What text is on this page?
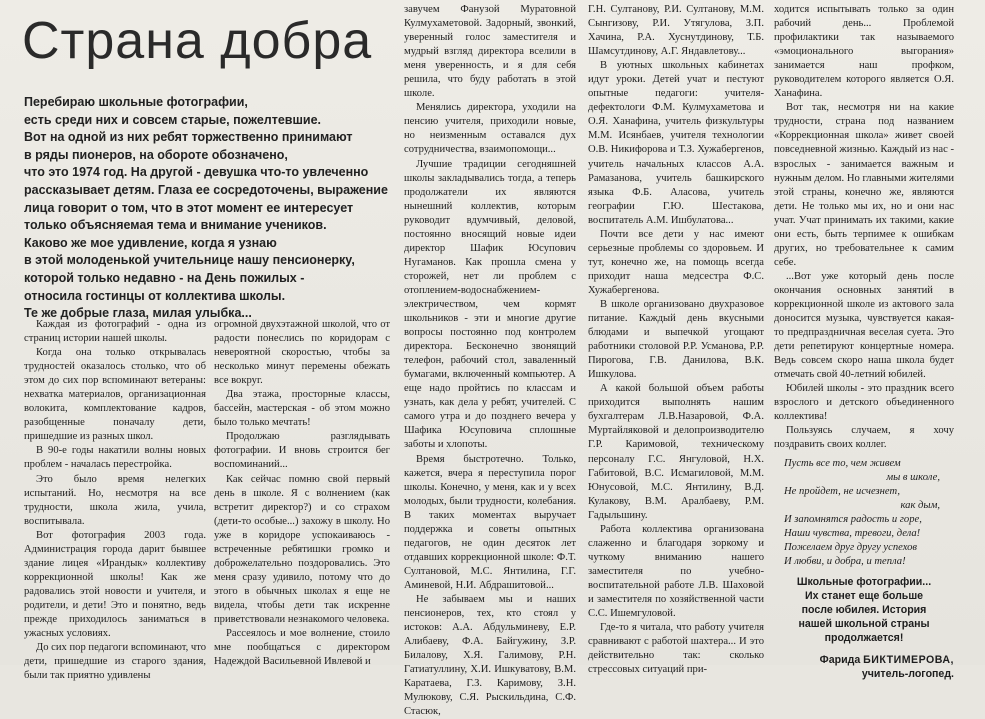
Страна добра

Перебираю школьные фотографии,

есть среди них и совсем старые, пожелтевшие.

Вот на одной из них ребят торжественно принимают

в ряды пионеров, на обороте обозначено,

что это 1974 год. На другой - девушка что-то увлеченно

рассказывает детям. Глаза ее сосредоточены, выражение

лица говорит о том, что в этот момент ее интересует

только объясняемая тема и внимание учеников.

Каково же мое удивление, когда я узнаю

в этой молоденькой учительнице нашу пенсионерку,

которой только недавно - на День пожилых -

относила гостинцы от коллектива школы.

Те же добрые глаза, милая улыбка...

Каждая из фотографий - одна из страниц истории нашей школы.

Когда она только открывалась трудностей оказалось столько, что об этом до сих пор вспоминают ветераны: нехватка материалов, организационная волокита, комплектование кадров, разобщенные поначалу дети, пришедшие из разных школ.

В 90-е годы накатили волны новых проблем - началась перестройка.

Это было время нелегких испытаний. Но, несмотря на все трудности, школа жила, учила, воспитывала.

Вот фотография 2003 года. Администрация города дарит бывшее здание лицея «Ирандык» коллективу коррекционной школы! Как же радовались этой новости и учителя, и родители, и дети! Это и понятно, ведь прежде приходилось заниматься в ужасных условиях.

До сих пор педагоги вспоминают, что дети, пришедшие из старого здания, были так приятно удивлены

огромной двухэтажной школой, что от радости понеслись по коридорам с невероятной скоростью, чтобы за несколько минут перемены обежать все вокруг.

Два этажа, просторные классы, бассейн, мастерская - об этом можно было только мечтать!

Продолжаю разглядывать фотографии. И вновь строится бег воспоминаний...

Как сейчас помню свой первый день в школе. Я с волнением (как встретит директор?) и со страхом (дети-то особые...) захожу в школу. Но уже в коридоре успокаиваюсь - встреченные ребятишки громко и доброжелательно поздоровались. Это меня сразу удивило, потому что до этого в обычных школах я еще не видела, чтобы дети так искренне приветствовали незнакомого человека.

Рассеялось и мое волнение, стоило мне пообщаться с директором Надеждой Васильевной Ивлевой и

завучем Фанузой Муратовной Кулмухаметовой. Задорный, звонкий, уверенный голос заместителя и мудрый взгляд директора вселили в меня уверенность, и я для себя решила, что буду работать в этой школе.

Менялись директора, уходили на пенсию учителя, приходили новые, но неизменным оставался дух сотрудничества, взаимопомощи...

Лучшие традиции сегодняшней школы закладывались тогда, а теперь продолжатели их являются нынешний коллектив, которым руководит вдумчивый, деловой, постоянно вносящий новые идеи директор Шафик Юсупович Нугаманов. Как прошла смена у сторожей, нет ли проблем с отоплением-водоснабжением-электричеством, чем кормят школьников - эти и многие другие вопросы постоянно под контролем директора. Бесконечно звонящий телефон, рабочий стол, заваленный бумагами, включенный компьютер. А еще надо пройтись по классам и узнать, как дела у ребят, учителей. С самого утра и до позднего вечера у Шафика Юсуповича сплошные заботы и хлопоты.

Время быстротечно. Только, кажется, вчера я переступила порог школы. Конечно, у меня, как и у всех молодых, были трудности, колебания. В таких моментах выручает поддержка и советы опытных педагогов, не один десяток лет отдавших коррекционной школе: Ф.Т. Султановой, М.С. Янтилина, Г.Г. Аминевой, Н.И. Абдрашитовой...

Не забываем мы и наших пенсионеров, тех, кто стоял у истоков: А.А. Абдульминеву, Е.Р. Алибаеву, Ф.А. Байгужину, З.Р. Билалову, Х.Я. Галимову, Р.Н. Гатиатуллину, Х.И. Ишкуватову, В.М. Каратаева, Г.З. Каримову, З.Н. Мулюкову, С.Я. Рыскильдина, С.Ф. Стасюк,

Г.Н. Султанову, Р.И. Султанову, М.М. Сынгизову, Р.И. Утягулова, З.П. Хачина, Р.А. Хуснутдинову, Т.Б. Шамсутдинову, А.Г. Яндавлетову...

В уютных школьных кабинетах идут уроки. Детей учат и пестуют опытные педагоги: учителя-дефектологи Ф.М. Кулмухаметова и О.Я. Ханафина, учитель физкультуры М.М. Исянбаев, учителя технологии О.В. Никифорова и Т.З. Хужабергенов, учитель начальных классов А.А. Рамазанова, учитель башкирского языка Ф.Б. Аласова, учитель географии Г.Ю. Шестакова, воспитатель А.М. Ишбулатова...

Почти все дети у нас имеют серьезные проблемы со здоровьем. И тут, конечно же, на помощь всегда приходит наша медсестра Ф.С. Хужабергенова.

В школе организовано двухразовое питание. Каждый день вкусными блюдами и выпечкой угощают работники столовой Р.Р. Усманова, Р.Р. Пирогова, Г.В. Данилова, В.К. Ишкулова.

А какой большой объем работы приходится выполнять нашим бухгалтерам Л.В.Назаровой, Ф.А. Муртайляковой и делопроизводителю Г.Р. Каримовой, техническому персоналу Г.С. Янгуловой, Н.Х. Габитовой, В.С. Исмагиловой, М.М. Юнусовой, М.С. Янтилину, В.Д. Кулакову, В.М. Аралбаеву, Р.М. Гадыльшину.

Работа коллектива организована слаженно и благодаря зоркому и чуткому вниманию нашего заместителя по учебно-воспитательной работе Л.В. Шаховой и заместителя по хозяйственной части С.С. Ишемгуловой.

Где-то я читала, что работу учителя сравнивают с работой шахтера... И это действительно так: сколько стрессовых ситуаций при-

ходится испытывать только за один рабочий день... Проблемой профилактики так называемого «эмоционального выгорания» занимается наш профком, руководителем которого является О.Я. Ханафина.

Вот так, несмотря ни на какие трудности, страна под названием «Коррекционная школа» живет своей повседневной жизнью. Каждый из нас - взрослых - занимается важным и нужным делом. Но главными жителями этой страны, конечно же, являются дети. Не только мы их, но и они нас учат. Учат принимать их такими, какие они есть, быть терпимее к ошибкам других, но требовательнее к самим себе.

...Вот уже который день после окончания основных занятий в коррекционной школе из актового зала доносится музыка, чувствуется какая-то предпраздничная веселая суета. Это дети репетируют концертные номера. Ведь совсем скоро наша школа будет отмечать свой 40-летний юбилей.

Юбилей школы - это праздник всего взрослого и детского объединенного коллектива!

Пользуясь случаем, я хочу поздравить своих коллег.

Пусть все то, чем живем

мы в школе,

Не пройдет, не исчезнет,

как дым,

И запомнятся радость и горе,

Наши чувства, тревоги, дела!

Пожелаем друг другу успехов

И любви, и добра, и тепла!

Школьные фотографии...

Их станет еще больше

после юбилея. История

нашей школьной страны

продолжается!

Фарида БИКТИМЕРОВА,

учитель-логопед.
